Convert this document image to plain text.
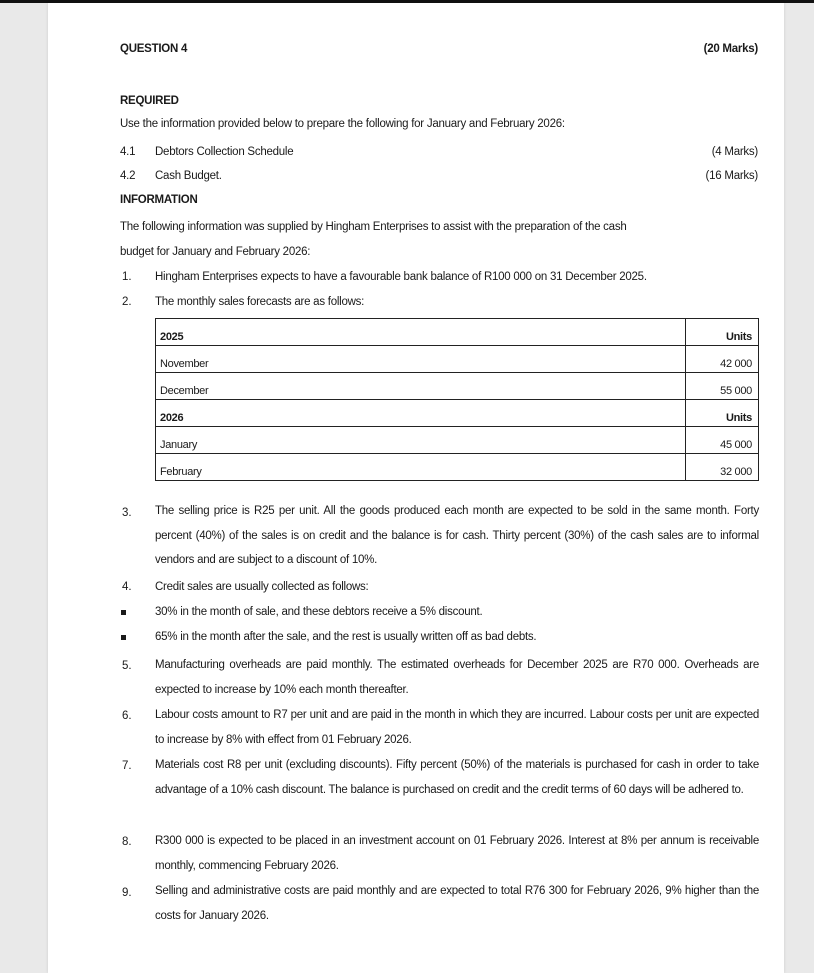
QUESTION 4	(20 Marks)
REQUIRED
Use the information provided below to prepare the following for January and February 2026:
4.1 Debtors Collection Schedule	(4 Marks)
4.2 Cash Budget.	(16 Marks)
INFORMATION
The following information was supplied by Hingham Enterprises to assist with the preparation of the cash
budget for January and February 2026:
1. Hingham Enterprises expects to have a favourable bank balance of R100 000 on 31 December 2025.
2. The monthly sales forecasts are as follows:
2025	Units
November	42 000
December	55 000
2026	Units
January	45 000
February	32 000
3. The selling price is R25 per unit. All the goods produced each month are expected to be sold in the same month. Forty percent (40%) of the sales is on credit and the balance is for cash. Thirty percent (30%) of the cash sales are to informal vendors and are subject to a discount of 10%.
4. Credit sales are usually collected as follows:
30% in the month of sale, and these debtors receive a 5% discount.
65% in the month after the sale, and the rest is usually written off as bad debts.
5. Manufacturing overheads are paid monthly. The estimated overheads for December 2025 are R70 000. Overheads are expected to increase by 10% each month thereafter.
6. Labour costs amount to R7 per unit and are paid in the month in which they are incurred. Labour costs per unit are expected to increase by 8% with effect from 01 February 2026.
7. Materials cost R8 per unit (excluding discounts). Fifty percent (50%) of the materials is purchased for cash in order to take advantage of a 10% cash discount. The balance is purchased on credit and the credit terms of 60 days will be adhered to.
8. R300 000 is expected to be placed in an investment account on 01 February 2026. Interest at 8% per annum is receivable monthly, commencing February 2026.
9. Selling and administrative costs are paid monthly and are expected to total R76 300 for February 2026, 9% higher than the costs for January 2026.
